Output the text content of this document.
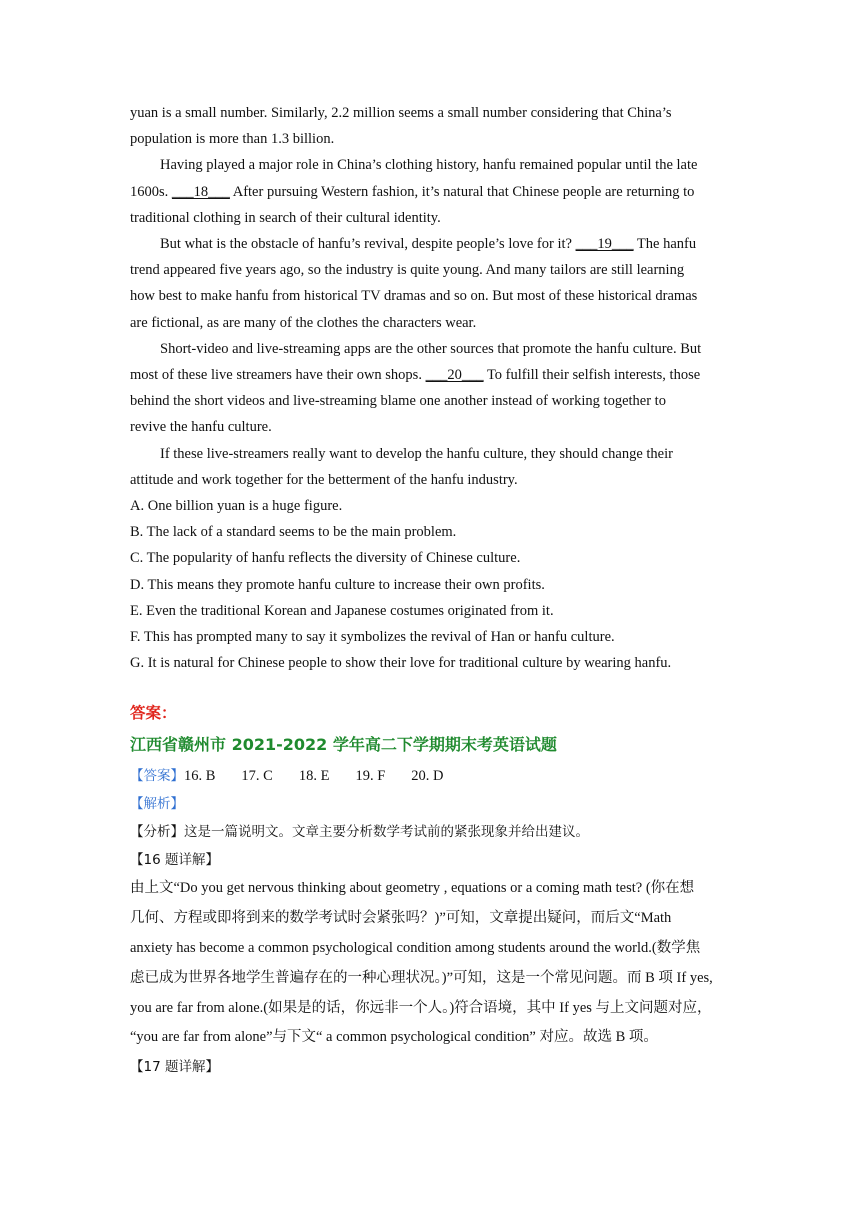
yuan is a small number. Similarly, 2.2 million seems a small number considering that China’s
population is more than 1.3 billion.
Having played a major role in China’s clothing history, hanfu remained popular until the late
1600s. ___18___ After pursuing Western fashion, it’s natural that Chinese people are returning to
traditional clothing in search of their cultural identity.
But what is the obstacle of hanfu’s revival, despite people’s love for it? ___19___ The hanfu
trend appeared five years ago, so the industry is quite young. And many tailors are still learning
how best to make hanfu from historical TV dramas and so on. But most of these historical dramas
are fictional, as are many of the clothes the characters wear.
Short-video and live-streaming apps are the other sources that promote the hanfu culture. But
most of these live streamers have their own shops. ___20___ To fulfill their selfish interests, those
behind the short videos and live-streaming blame one another instead of working together to
revive the hanfu culture.
If these live-streamers really want to develop the hanfu culture, they should change their
attitude and work together for the betterment of the hanfu industry.
A. One billion yuan is a huge figure.
B. The lack of a standard seems to be the main problem.
C. The popularity of hanfu reflects the diversity of Chinese culture.
D. This means they promote hanfu culture to increase their own profits.
E. Even the traditional Korean and Japanese costumes originated from it.
F. This has prompted many to say it symbolizes the revival of Han or hanfu culture.
G. It is natural for Chinese people to show their love for traditional culture by wearing hanfu.
答案：
江西省赣州市 2021-2022 学年高二下学期期末考英语试题
【答案】16. B 17. C 18. E 19. F 20. D
【解析】
【分析】这是一篇说明文。文章主要分析数学考试前的紧张现象并给出建议。
【16 题详解】
由上文“Do you get nervous thinking about geometry , equations or a coming math test? (你在想
几何、方程或即将到来的数学考试时会紧张吗？)”可知，文章提出疑问，而后文“Math
anxiety has become a common psychological condition among students around the world.(数学焦
虑已成为世界各地学生普遍存在的一种心理状况。)”可知，这是一个常见问题。而 B 项 If yes,
you are far from alone.(如果是的话，你远非一个人。)符合语境，其中 If yes 与上文问题对应，
“you are far from alone”与下文“ a common psychological condition” 对应。故选 B 项。
【17 题详解】
